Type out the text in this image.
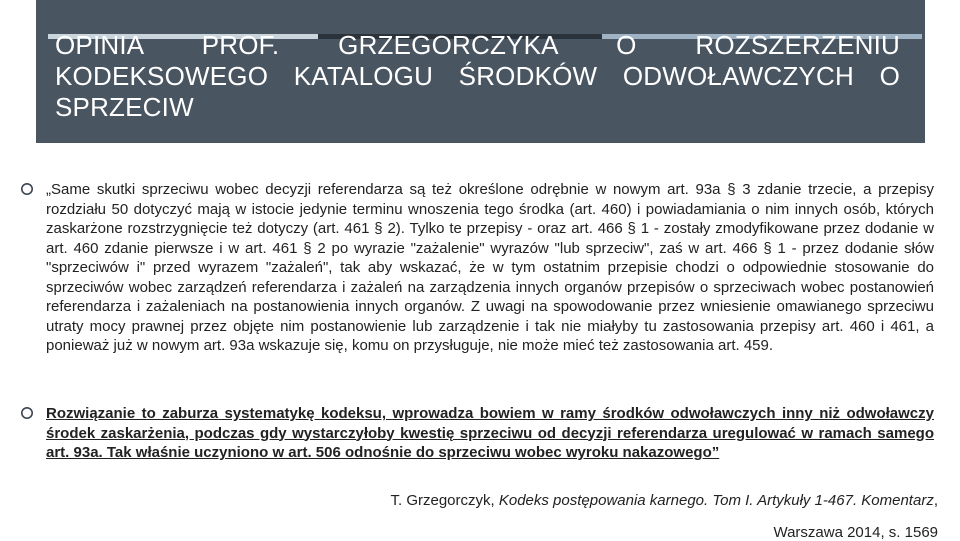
OPINIA PROF. GRZEGORCZYKA O ROZSZERZENIU KODEKSOWEGO KATALOGU ŚRODKÓW ODWOŁAWCZYCH O SPRZECIW
„Same skutki sprzeciwu wobec decyzji referendarza są też określone odrębnie w nowym art. 93a § 3 zdanie trzecie, a przepisy rozdziału 50 dotyczyć mają w istocie jedynie terminu wnoszenia tego środka (art. 460) i powiadamiania o nim innych osób, których zaskarżone rozstrzygnięcie też dotyczy (art. 461 § 2). Tylko te przepisy - oraz art. 466 § 1 - zostały zmodyfikowane przez dodanie w art. 460 zdanie pierwsze i w art. 461 § 2 po wyrazie "zażalenie" wyrazów "lub sprzeciw", zaś w art. 466 § 1 - przez dodanie słów "sprzeciwów i" przed wyrazem "zażaleń", tak aby wskazać, że w tym ostatnim przepisie chodzi o odpowiednie stosowanie do sprzeciwów wobec zarządzeń referendarza i zażaleń na zarządzenia innych organów przepisów o sprzeciwach wobec postanowień referendarza i zażaleniach na postanowienia innych organów. Z uwagi na spowodowanie przez wniesienie omawianego sprzeciwu utraty mocy prawnej przez objęte nim postanowienie lub zarządzenie i tak nie miałyby tu zastosowania przepisy art. 460 i 461, a ponieważ już w nowym art. 93a wskazuje się, komu on przysługuje, nie może mieć też zastosowania art. 459.
Rozwiązanie to zaburza systematykę kodeksu, wprowadza bowiem w ramy środków odwoławczych inny niż odwoławczy środek zaskarżenia, podczas gdy wystarczyłoby kwestię sprzeciwu od decyzji referendarza uregulować w ramach samego art. 93a. Tak właśnie uczyniono w art. 506 odnośnie do sprzeciwu wobec wyroku nakazowego”
T. Grzegorczyk, Kodeks postępowania karnego. Tom I. Artykuły 1-467. Komentarz,
Warszawa 2014, s. 1569
